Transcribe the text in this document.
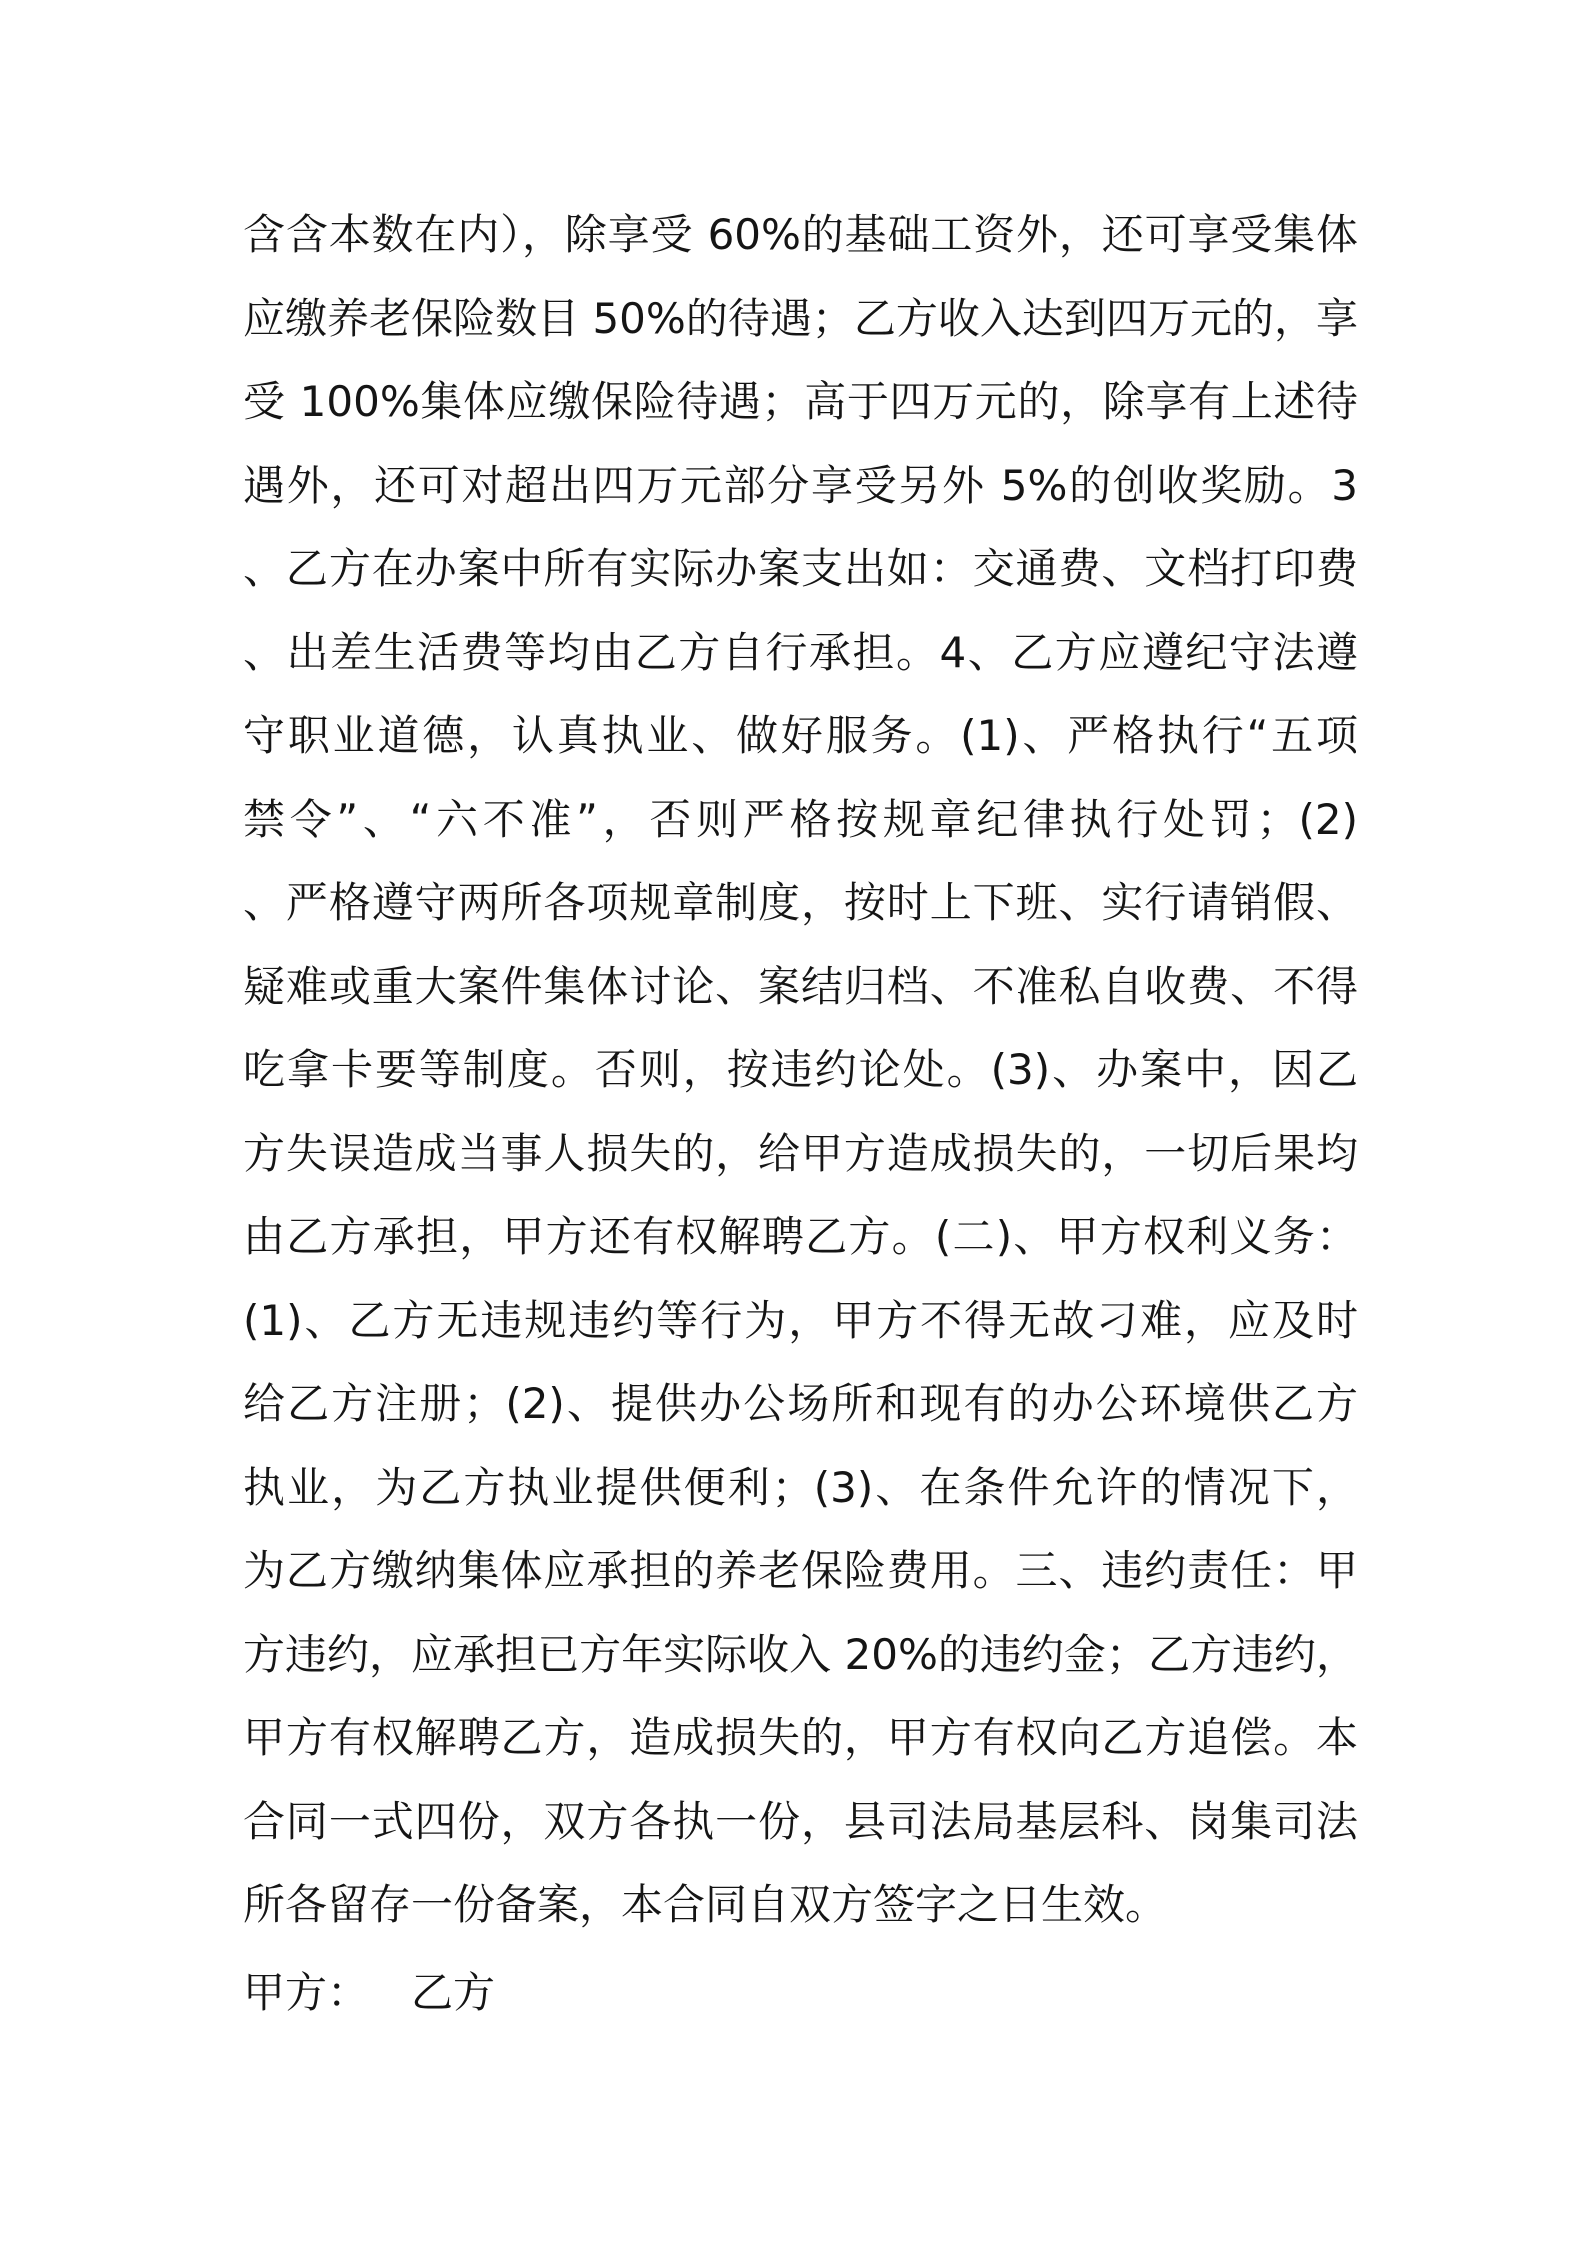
含含本数在内），除享受 60%的基础工资外，还可享受集体
应缴养老保险数目 50%的待遇；乙方收入达到四万元的，享
受 100%集体应缴保险待遇；高于四万元的，除享有上述待
遇外，还可对超出四万元部分享受另外 5%的创收奖励。3
、乙方在办案中所有实际办案支出如：交通费、文档打印费
、出差生活费等均由乙方自行承担。4、乙方应遵纪守法遵
守职业道德，认真执业、做好服务。(1)、严格执行“五项
禁令”、“六不准”，否则严格按规章纪律执行处罚；(2)
、严格遵守两所各项规章制度，按时上下班、实行请销假、
疑难或重大案件集体讨论、案结归档、不准私自收费、不得
吃拿卡要等制度。否则，按违约论处。(3)、办案中，因乙
方失误造成当事人损失的，给甲方造成损失的，一切后果均
由乙方承担，甲方还有权解聘乙方。(二)、甲方权利义务：
(1)、乙方无违规违约等行为，甲方不得无故刁难，应及时
给乙方注册；(2)、提供办公场所和现有的办公环境供乙方
执业，为乙方执业提供便利；(3)、在条件允许的情况下，
为乙方缴纳集体应承担的养老保险费用。三、违约责任：甲
方违约，应承担已方年实际收入 20%的违约金；乙方违约，
甲方有权解聘乙方，造成损失的，甲方有权向乙方追偿。本
合同一式四份，双方各执一份，县司法局基层科、岗集司法
所各留存一份备案，本合同自双方签字之日生效。
甲方： 乙方
